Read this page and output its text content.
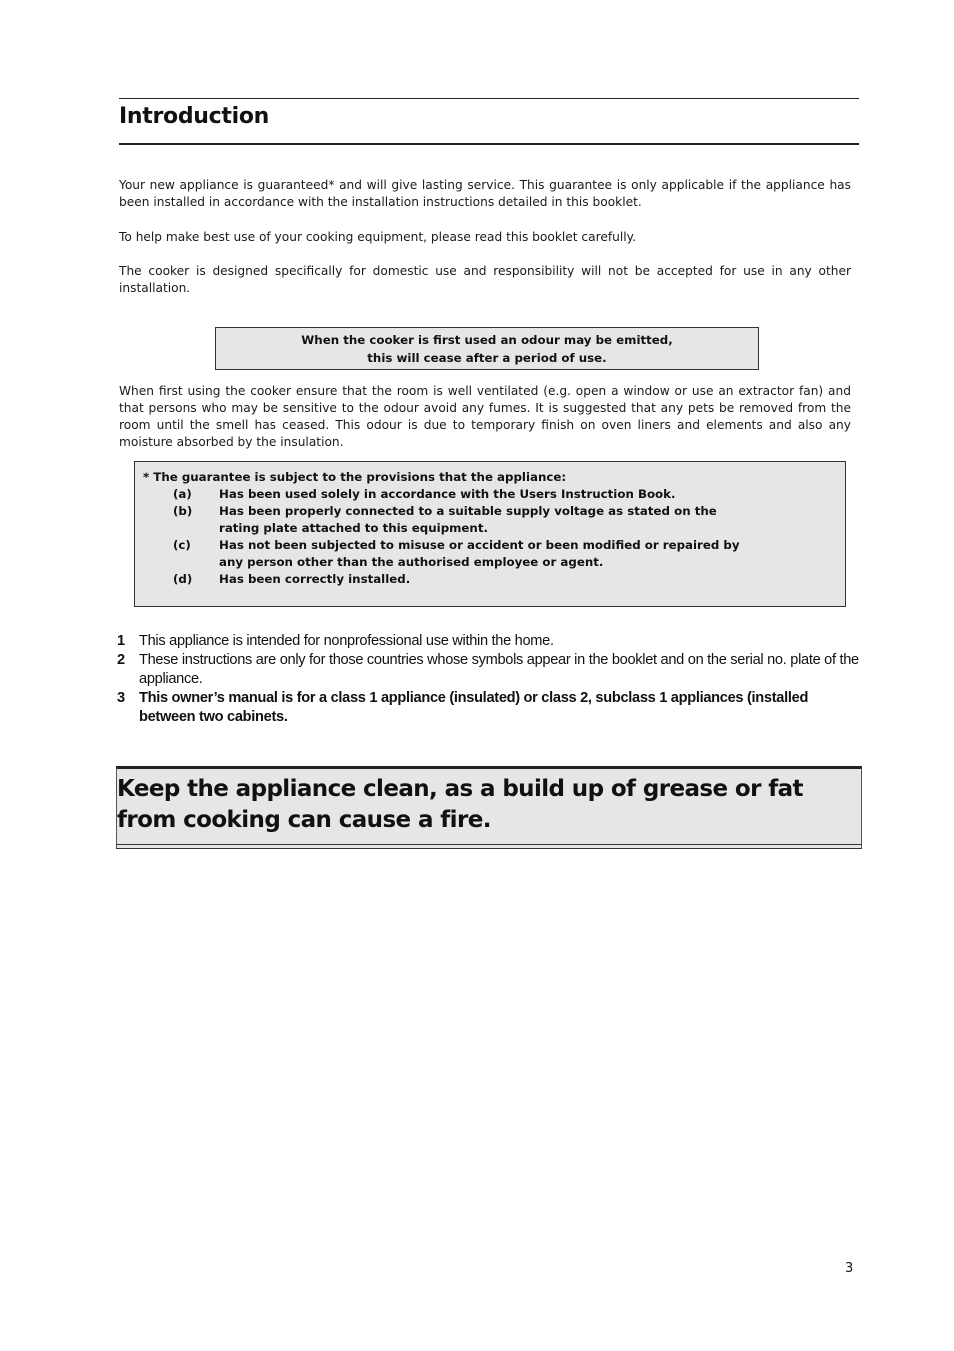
Introduction

Your new appliance is guaranteed* and will give lasting service. This guarantee is only applicable if the appliance has been installed in accordance with the installation instructions detailed in this booklet.

To help make best use of your cooking equipment, please read this booklet carefully.

The cooker is designed specifically for domestic use and responsibility will not be accepted for use in any other installation.

When the cooker is first used an odour may be emitted,
this will cease after a period of use.

When first using the cooker ensure that the room is well ventilated (e.g. open a window or use an extractor fan) and that persons who may be sensitive to the odour avoid any fumes. It is suggested that any pets be removed from the room until the smell has ceased. This odour is due to temporary finish on oven liners and elements and also any moisture absorbed by the insulation.

* The guarantee is subject to the provisions that the appliance:

(a)	Has been used solely in accordance with the Users Instruction Book.
(b)	Has been properly connected to a suitable supply voltage as stated on the rating plate attached to this equipment.
(c)	Has not been subjected to misuse or accident or been modified or repaired by any person other than the authorised employee or agent.
(d)	Has been correctly installed.
1 This appliance is intended for nonprofessional use within the home.
2 These instructions are only for those countries whose symbols appear in the booklet and on the serial no. plate of the appliance.
3 This owner’s manual is for a class 1 appliance (insulated) or class 2, subclass 1 appliances (installed between two cabinets.

Keep the appliance clean, as a build up of grease or fat from cooking can cause a fire.

3
